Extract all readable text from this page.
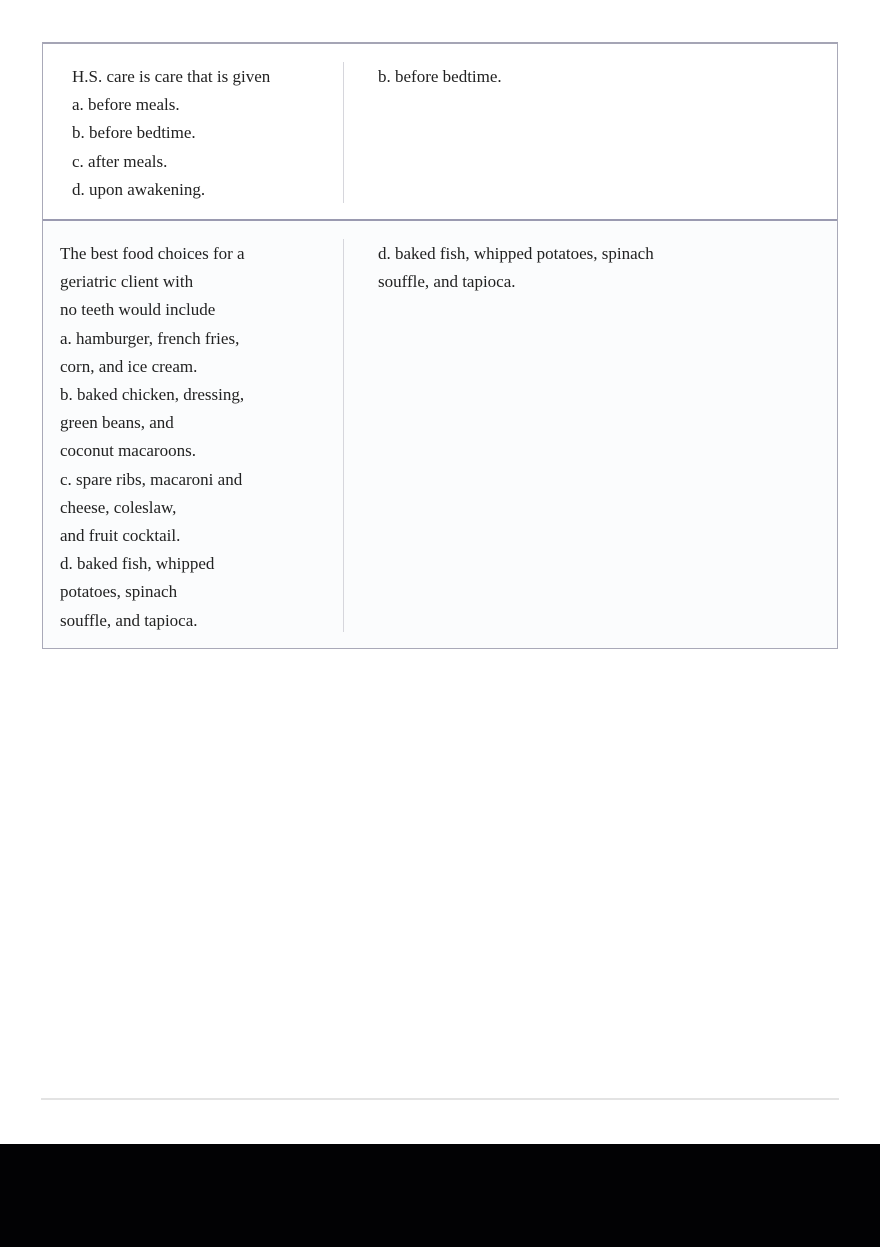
H.S. care is care that is given
a. before meals.
b. before bedtime.
c. after meals.
d. upon awakening.
b. before bedtime.
The best food choices for a
geriatric client with
no teeth would include
a. hamburger, french fries,
corn, and ice cream.
b. baked chicken, dressing,
green beans, and
coconut macaroons.
c. spare ribs, macaroni and
cheese, coleslaw,
and fruit cocktail.
d. baked fish, whipped
potatoes, spinach
souffle, and tapioca.
d. baked fish, whipped potatoes, spinach
souffle, and tapioca.
